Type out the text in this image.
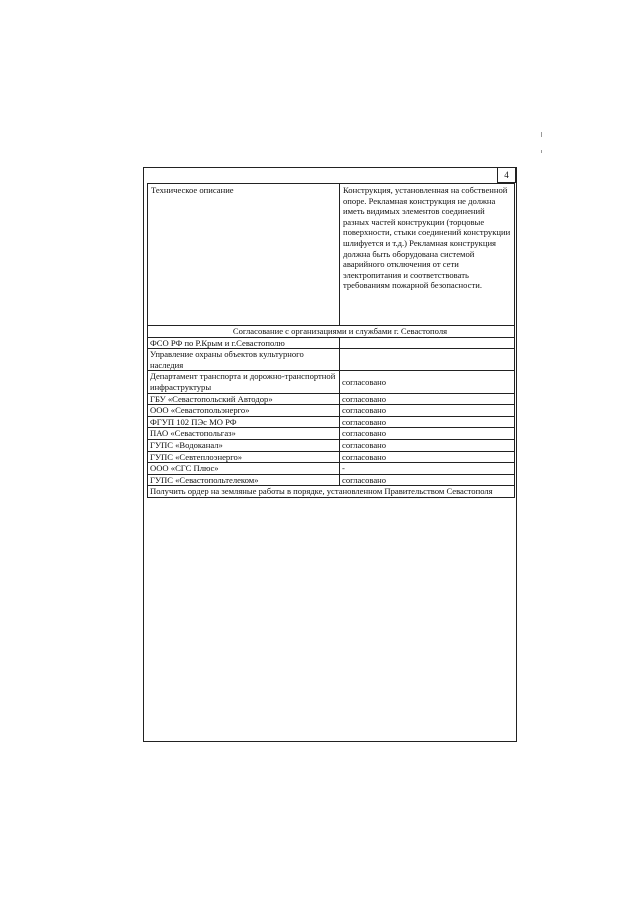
4
Техническое описание	Конструкция, установленная на собственной опоре. Рекламная конструкция не должна иметь видимых элементов соединений разных частей конструкции (торцовые поверхности, стыки соединений конструкции шлифуется и т.д.) Рекламная конструкция должна быть оборудована системой аварийного отключения от сети электропитания и соответствовать требованиям пожарной безопасности.
Согласование с организациями и службами г. Севастополя	
ФСО РФ по Р.Крым и г.Севастополю	
Управление охраны объектов культурного наследия	
Департамент транспорта и дорожно-транспортной инфраструктуры	согласовано
ГБУ «Севастопольский Автодор»	согласовано
ООО «Севастопольэнерго»	согласовано
ФГУП 102 ПЭс МО РФ	согласовано
ПАО «Севастопольгаз»	согласовано
ГУПС «Водоканал»	согласовано
ГУПС «Севтеплоэнерго»	согласовано
ООО «СГС Плюс»	-
ГУПС «Севастопольтелеком»	согласовано
Получить ордер на земляные работы в порядке, установленном Правительством Севастополя	
